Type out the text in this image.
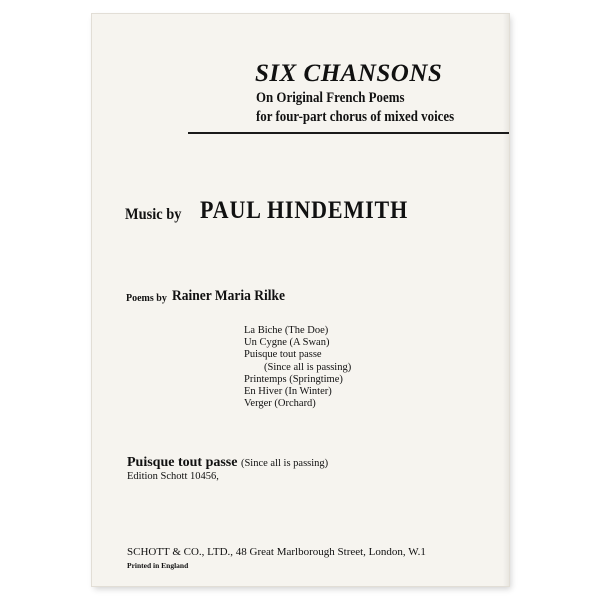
SIX CHANSONS
On Original French Poems
for four-part chorus of mixed voices
Music by PAUL HINDEMITH
Poems by Rainer Maria Rilke
La Biche (The Doe)
Un Cygne (A Swan)
Puisque tout passe
(Since all is passing)
Printemps (Springtime)
En Hiver (In Winter)
Verger (Orchard)
Puisque tout passe (Since all is passing)
Edition Schott 10456,
SCHOTT & CO., LTD., 48 Great Marlborough Street, London, W.1
Printed in England
